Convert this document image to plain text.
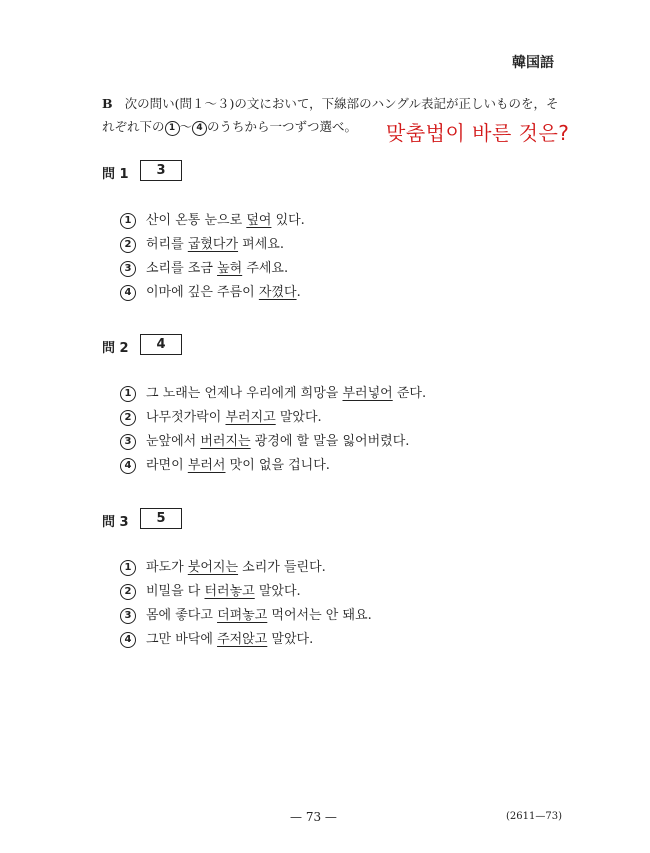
韓国語
B 次の問い(問１～３)の文において，下線部のハングル表記が正しいものを，そ
れぞれ下の 1 ～ 4 のうちから一つずつ選べ。	맞춤법이 바른 것은?
問 1	3
1 산이 온통 눈으로 덮여 있다.
2 허리를 굽혔다가 펴세요.
3 소리를 조금 높혀 주세요.
4 이마에 깊은 주름이 자꼈다.
問 2	4
1 그 노래는 언제나 우리에게 희망을 부러넣어 준다.
2 나무젓가락이 부러지고 말았다.
3 눈앞에서 버러지는 광경에 할 말을 잃어버렸다.
4 라면이 부러서 맛이 없을 겁니다.
問 3	5
1 파도가 붓어지는 소리가 들린다.
2 비밀을 다 터러놓고 말았다.
3 몸에 좋다고 더펴놓고 먹어서는 안 돼요.
4 그만 바닥에 주저앉고 말았다.
— 73 —	(2611—73)
